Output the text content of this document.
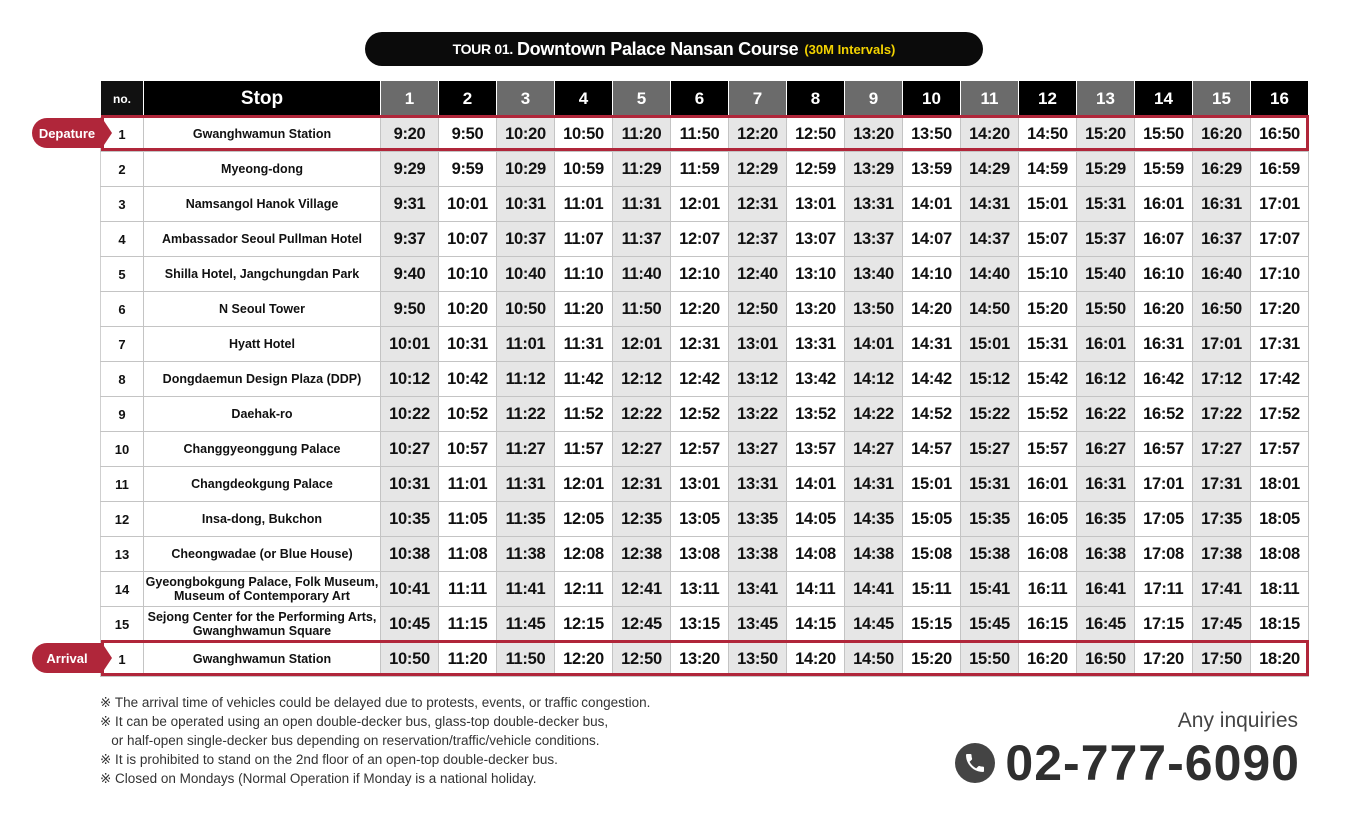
TOUR 01. Downtown Palace Nansan Course (30M Intervals)
no.	Stop	1	2	3	4	5	6	7	8	9	10	11	12	13	14	15	16
1	Gwanghwamun Station	9:20	9:50	10:20	10:50	11:20	11:50	12:20	12:50	13:20	13:50	14:20	14:50	15:20	15:50	16:20	16:50
2	Myeong-dong	9:29	9:59	10:29	10:59	11:29	11:59	12:29	12:59	13:29	13:59	14:29	14:59	15:29	15:59	16:29	16:59
3	Namsangol Hanok Village	9:31	10:01	10:31	11:01	11:31	12:01	12:31	13:01	13:31	14:01	14:31	15:01	15:31	16:01	16:31	17:01
4	Ambassador Seoul Pullman Hotel	9:37	10:07	10:37	11:07	11:37	12:07	12:37	13:07	13:37	14:07	14:37	15:07	15:37	16:07	16:37	17:07
5	Shilla Hotel, Jangchungdan Park	9:40	10:10	10:40	11:10	11:40	12:10	12:40	13:10	13:40	14:10	14:40	15:10	15:40	16:10	16:40	17:10
6	N Seoul Tower	9:50	10:20	10:50	11:20	11:50	12:20	12:50	13:20	13:50	14:20	14:50	15:20	15:50	16:20	16:50	17:20
7	Hyatt Hotel	10:01	10:31	11:01	11:31	12:01	12:31	13:01	13:31	14:01	14:31	15:01	15:31	16:01	16:31	17:01	17:31
8	Dongdaemun Design Plaza (DDP)	10:12	10:42	11:12	11:42	12:12	12:42	13:12	13:42	14:12	14:42	15:12	15:42	16:12	16:42	17:12	17:42
9	Daehak-ro	10:22	10:52	11:22	11:52	12:22	12:52	13:22	13:52	14:22	14:52	15:22	15:52	16:22	16:52	17:22	17:52
10	Changgyeonggung Palace	10:27	10:57	11:27	11:57	12:27	12:57	13:27	13:57	14:27	14:57	15:27	15:57	16:27	16:57	17:27	17:57
11	Changdeokgung Palace	10:31	11:01	11:31	12:01	12:31	13:01	13:31	14:01	14:31	15:01	15:31	16:01	16:31	17:01	17:31	18:01
12	Insa-dong, Bukchon	10:35	11:05	11:35	12:05	12:35	13:05	13:35	14:05	14:35	15:05	15:35	16:05	16:35	17:05	17:35	18:05
13	Cheongwadae (or Blue House)	10:38	11:08	11:38	12:08	12:38	13:08	13:38	14:08	14:38	15:08	15:38	16:08	16:38	17:08	17:38	18:08
14	Gyeongbokgung Palace, Folk Museum,
Museum of Contemporary Art	10:41	11:11	11:41	12:11	12:41	13:11	13:41	14:11	14:41	15:11	15:41	16:11	16:41	17:11	17:41	18:11
15	Sejong Center for the Performing Arts,
Gwanghwamun Square	10:45	11:15	11:45	12:15	12:45	13:15	13:45	14:15	14:45	15:15	15:45	16:15	16:45	17:15	17:45	18:15
1	Gwanghwamun Station	10:50	11:20	11:50	12:20	12:50	13:20	13:50	14:20	14:50	15:20	15:50	16:20	16:50	17:20	17:50	18:20
Depature
Arrival
※ The arrival time of vehicles could be delayed due to protests, events, or traffic congestion.
※ It can be operated using an open double-decker bus, glass-top double-decker bus,
or half-open single-decker bus depending on reservation/traffic/vehicle conditions.
※ It is prohibited to stand on the 2nd floor of an open-top double-decker bus.
※ Closed on Mondays (Normal Operation if Monday is a national holiday.
Any inquiries
02-777-6090
